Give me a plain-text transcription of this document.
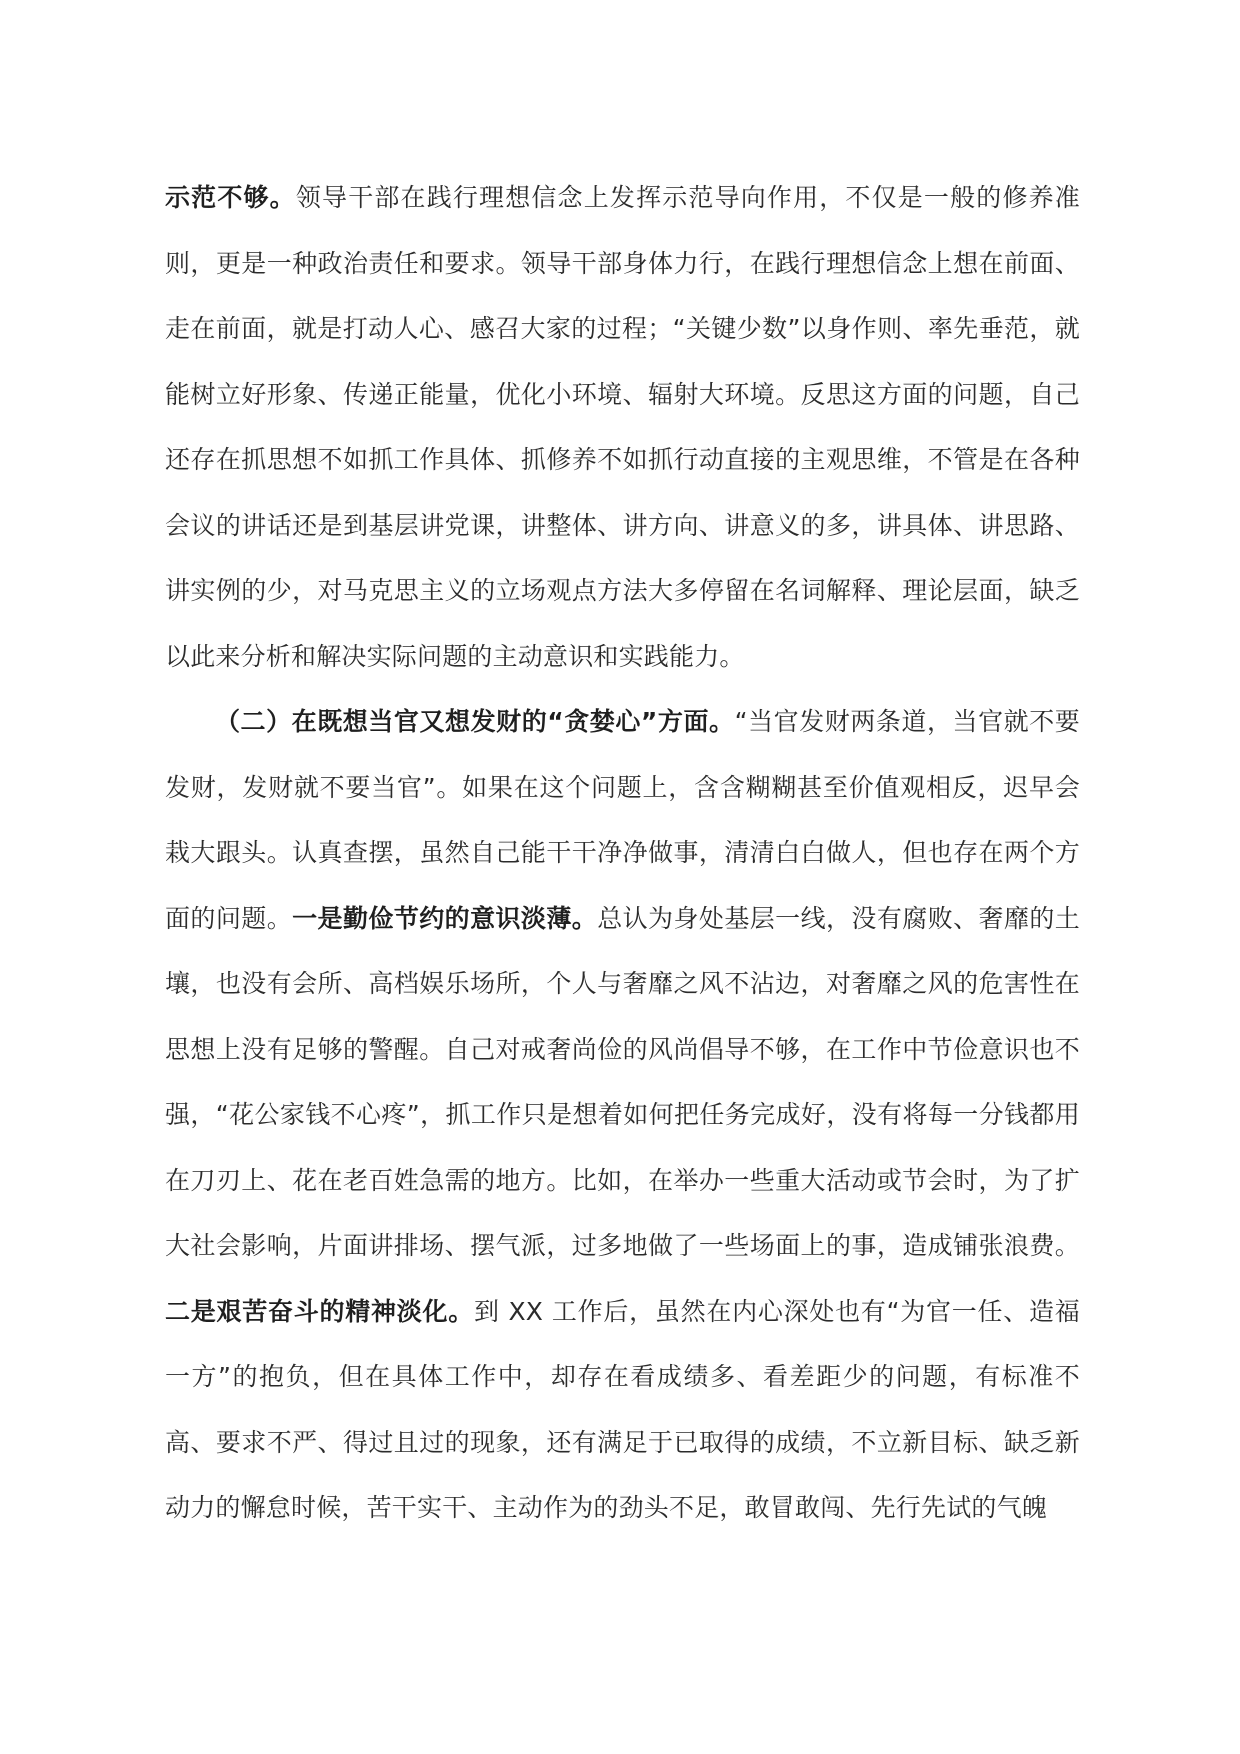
示范不够。领导干部在践行理想信念上发挥示范导向作用，不仅是一般的修养准则，更是一种政治责任和要求。领导干部身体力行，在践行理想信念上想在前面、走在前面，就是打动人心、感召大家的过程；“关键少数”以身作则、率先垂范，就能树立好形象、传递正能量，优化小环境、辐射大环境。反思这方面的问题，自己还存在抓思想不如抓工作具体、抓修养不如抓行动直接的主观思维，不管是在各种会议的讲话还是到基层讲党课，讲整体、讲方向、讲意义的多，讲具体、讲思路、讲实例的少，对马克思主义的立场观点方法大多停留在名词解释、理论层面，缺乏以此来分析和解决实际问题的主动意识和实践能力。

（二）在既想当官又想发财的“贪婪心”方面。“当官发财两条道，当官就不要发财，发财就不要当官”。如果在这个问题上，含含糊糊甚至价值观相反，迟早会栽大跟头。认真查摆，虽然自己能干干净净做事，清清白白做人，但也存在两个方面的问题。一是勤俭节约的意识淡薄。总认为身处基层一线，没有腐败、奢靡的土壤，也没有会所、高档娱乐场所，个人与奢靡之风不沾边，对奢靡之风的危害性在思想上没有足够的警醒。自己对戒奢尚俭的风尚倡导不够，在工作中节俭意识也不强，“花公家钱不心疼”，抓工作只是想着如何把任务完成好，没有将每一分钱都用在刀刃上、花在老百姓急需的地方。比如，在举办一些重大活动或节会时，为了扩大社会影响，片面讲排场、摆气派，过多地做了一些场面上的事，造成铺张浪费。二是艰苦奋斗的精神淡化。到 XX 工作后，虽然在内心深处也有“为官一任、造福一方”的抱负，但在具体工作中，却存在看成绩多、看差距少的问题，有标准不高、要求不严、得过且过的现象，还有满足于已取得的成绩，不立新目标、缺乏新动力的懈怠时候，苦干实干、主动作为的劲头不足，敢冒敢闯、先行先试的气魄
